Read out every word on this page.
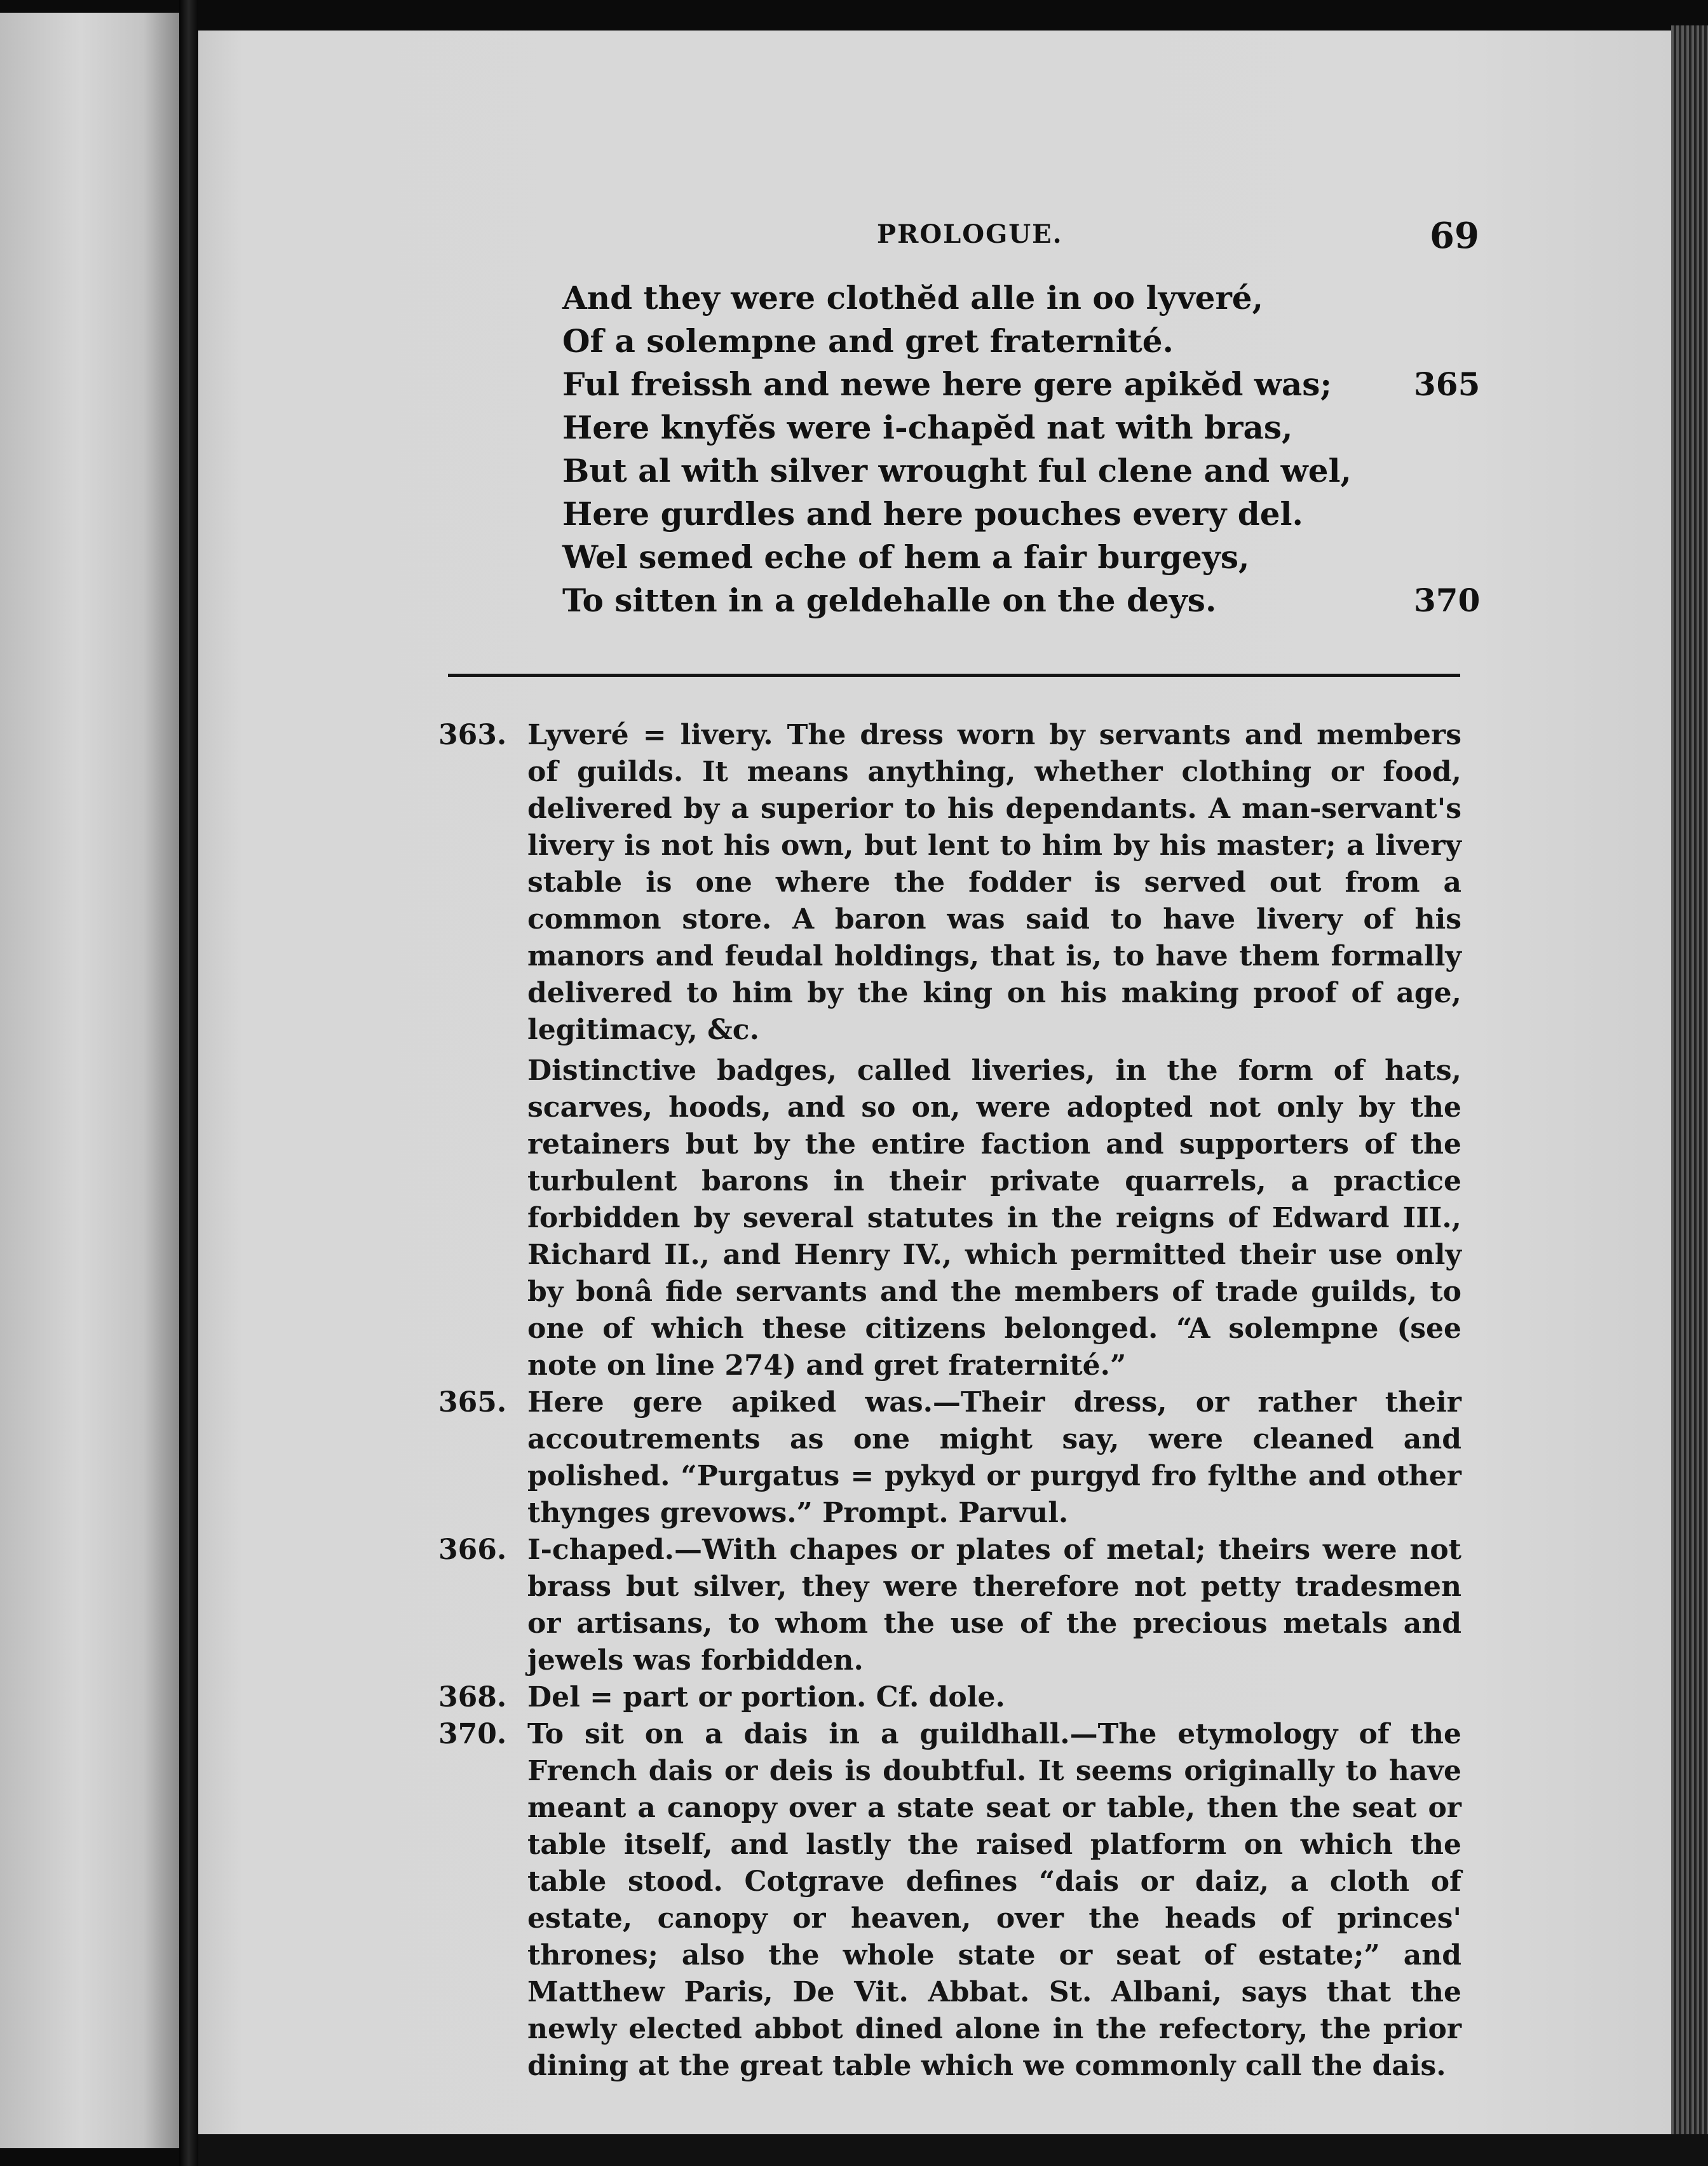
PROLOGUE.	69
And they were clothĕd alle in oo lyveré,
Of a solempne and gret fraternité.
Ful freissh and newe here gere apikĕd was;	365
Here knyfĕs were i-chapĕd nat with bras,
But al with silver wrought ful clene and wel,
Here gurdles and here pouches every del.
Wel semed eche of hem a fair burgeys,
To sitten in a geldehalle on the deys.	370
363. Lyveré = livery. The dress worn by servants and members of guilds. It means anything, whether clothing or food, delivered by a superior to his dependants. A man-servant's livery is not his own, but lent to him by his master; a livery stable is one where the fodder is served out from a common store. A baron was said to have livery of his manors and feudal holdings, that is, to have them formally delivered to him by the king on his making proof of age, legitimacy, &c.

Distinctive badges, called liveries, in the form of hats, scarves, hoods, and so on, were adopted not only by the retainers but by the entire faction and supporters of the turbulent barons in their private quarrels, a practice forbidden by several statutes in the reigns of Edward III., Richard II., and Henry IV., which permitted their use only by bonâ fide servants and the members of trade guilds, to one of which these citizens belonged. “A solempne (see note on line 274) and gret fraternité.”

365. Here gere apiked was.—Their dress, or rather their accoutrements as one might say, were cleaned and polished. “Purgatus = pykyd or purgyd fro fylthe and other thynges grevows.” Prompt. Parvul.

366. I-chaped.—With chapes or plates of metal; theirs were not brass but silver, they were therefore not petty tradesmen or artisans, to whom the use of the precious metals and jewels was forbidden.

368. Del = part or portion. Cf. dole.

370. To sit on a dais in a guildhall.—The etymology of the French dais or deis is doubtful. It seems originally to have meant a canopy over a state seat or table, then the seat or table itself, and lastly the raised platform on which the table stood. Cotgrave defines “dais or daiz, a cloth of estate, canopy or heaven, over the heads of princes' thrones; also the whole state or seat of estate;” and Matthew Paris, De Vit. Abbat. St. Albani, says that the newly elected abbot dined alone in the refectory, the prior dining at the great table which we commonly call the dais.
